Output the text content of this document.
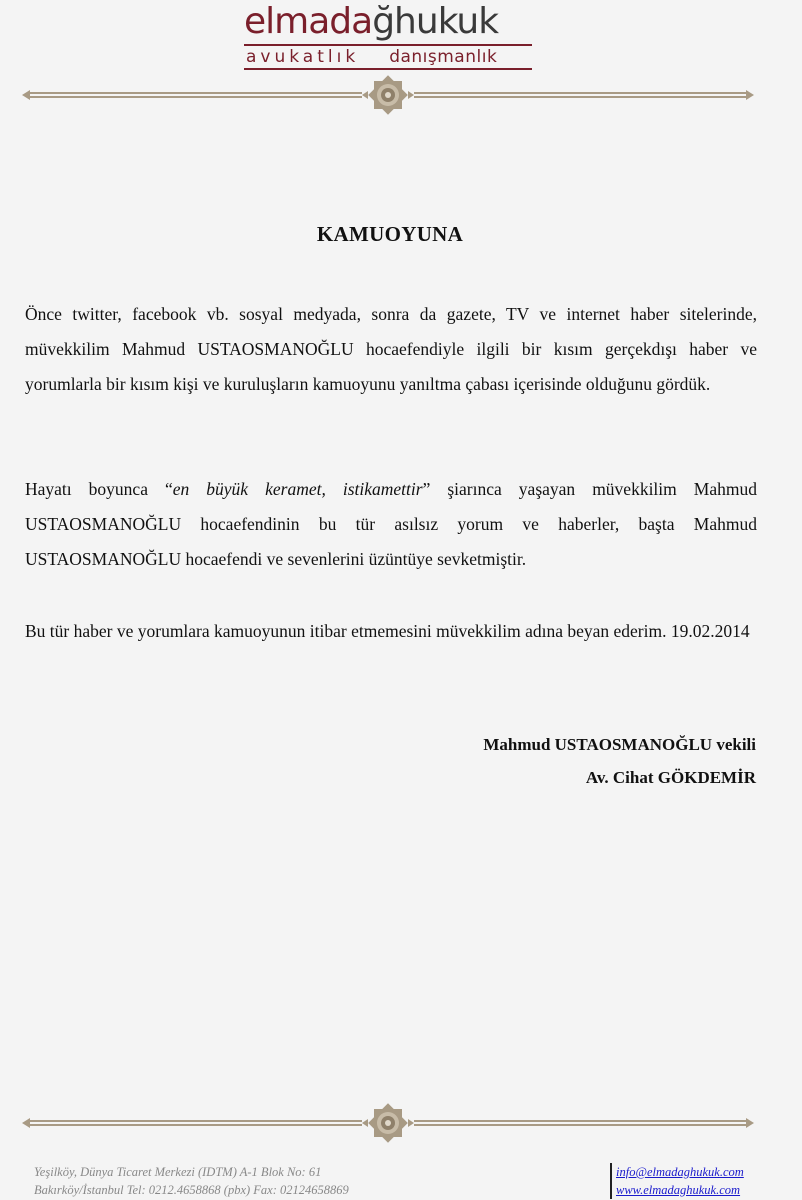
elmadağhukuk
avukatlık danışmanlık
KAMUOYUNA
Önce twitter, facebook vb. sosyal medyada, sonra da gazete, TV ve internet haber sitelerinde, müvekkilim Mahmud USTAOSMANOĞLU hocaefendiyle ilgili bir kısım gerçekdışı haber ve yorumlarla bir kısım kişi ve kuruluşların kamuoyunu yanıltma çabası içerisinde olduğunu gördük.
Hayatı boyunca “en büyük keramet, istikamettir” şiarınca yaşayan müvekkilim Mahmud USTAOSMANOĞLU hocaefendinin bu tür asılsız yorum ve haberler, başta Mahmud USTAOSMANOĞLU hocaefendi ve sevenlerini üzüntüye sevketmiştir.
Bu tür haber ve yorumlara kamuoyunun itibar etmemesini müvekkilim adına beyan ederim. 19.02.2014
Mahmud USTAOSMANOĞLU vekili
Av. Cihat GÖKDEMİR
Yeşilköy, Dünya Ticaret Merkezi (IDTM) A-1 Blok No: 61
Bakırköy/İstanbul Tel: 0212.4658868 (pbx) Fax: 02124658869
info@elmadaghukuk.com
www.elmadaghukuk.com
